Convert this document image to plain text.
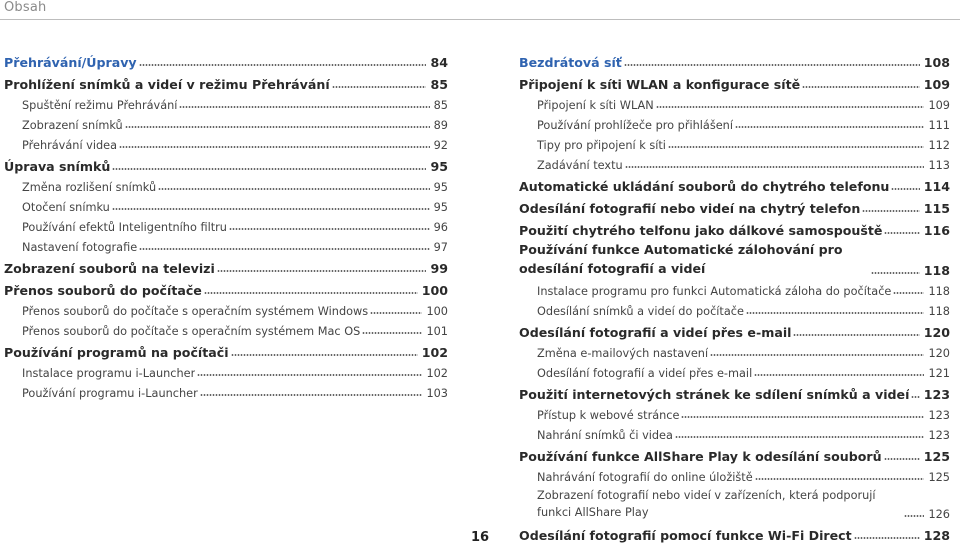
Obsah
Přehrávání/Úpravy	84
Prohlížení snímků a videí v režimu Přehrávání	85
Spuštění režimu Přehrávání	85
Zobrazení snímků	89
Přehrávání videa	92
Úprava snímků	95
Změna rozlišení snímků	95
Otočení snímku	95
Používání efektů Inteligentního filtru	96
Nastavení fotografie	97
Zobrazení souborů na televizi	99
Přenos souborů do počítače	100
Přenos souborů do počítače s operačním systémem Windows	100
Přenos souborů do počítače s operačním systémem Mac OS	101
Používání programů na počítači	102
Instalace programu i-Launcher	102
Používání programu i-Launcher	103
Bezdrátová síť	108
Připojení k síti WLAN a konfigurace sítě	109
Připojení k síti WLAN	109
Používání prohlížeče pro přihlášení	111
Tipy pro připojení k síti	112
Zadávání textu	113
Automatické ukládání souborů do chytrého telefonu	114
Odesílání fotografií nebo videí na chytrý telefon	115
Použití chytrého telfonu jako dálkové samospouště	116
Používání funkce Automatické zálohování pro odesílání fotografií a videí	118
Instalace programu pro funkci Automatická záloha do počítače	118
Odesílání snímků a videí do počítače	118
Odesílání fotografií a videí přes e-mail	120
Změna e-mailových nastavení	120
Odesílání fotografií a videí přes e-mail	121
Použití internetových stránek ke sdílení snímků a videí 123
Přístup k webové stránce	123
Nahrání snímků či videa	123
Používání funkce AllShare Play k odesílání souborů	125
Nahrávání fotografií do online úložiště	125
Zobrazení fotografií nebo videí v zařízeních, která podporují funkci AllShare Play	126
Odesílání fotografií pomocí funkce Wi-Fi Direct	128
16
